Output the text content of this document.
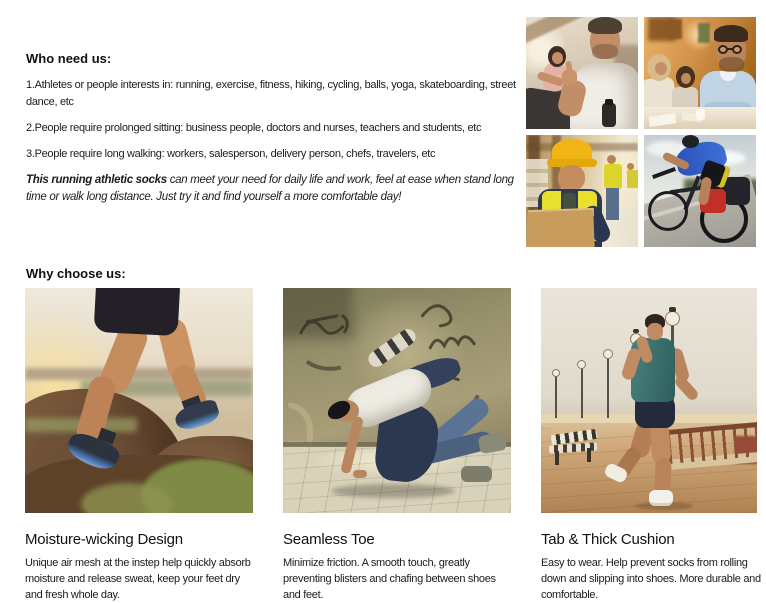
Who need us:

1.Athletes or people interests in: running, exercise, fitness, hiking, cycling, balls, yoga, skateboarding, street dance, etc

2.People require prolonged sitting: business people, doctors and nurses, teachers and students, etc

3.People require long walking: workers, salesperson, delivery person, chefs, travelers, etc

This running athletic socks can meet your need for daily life and work, feel at ease when stand long time or walk long distance. Just try it and find yourself a more comfortable day!

Why choose us:
Moisture-wicking Design

Unique air mesh at the instep help quickly absorb moisture and release sweat, keep your feet dry and fresh whole day.

Seamless Toe

Minimize friction. A smooth touch, greatly preventing blisters and chafing between shoes and feet.

Tab & Thick Cushion

Easy to wear. Help prevent socks from rolling down and slipping into shoes. More durable and comfortable.
